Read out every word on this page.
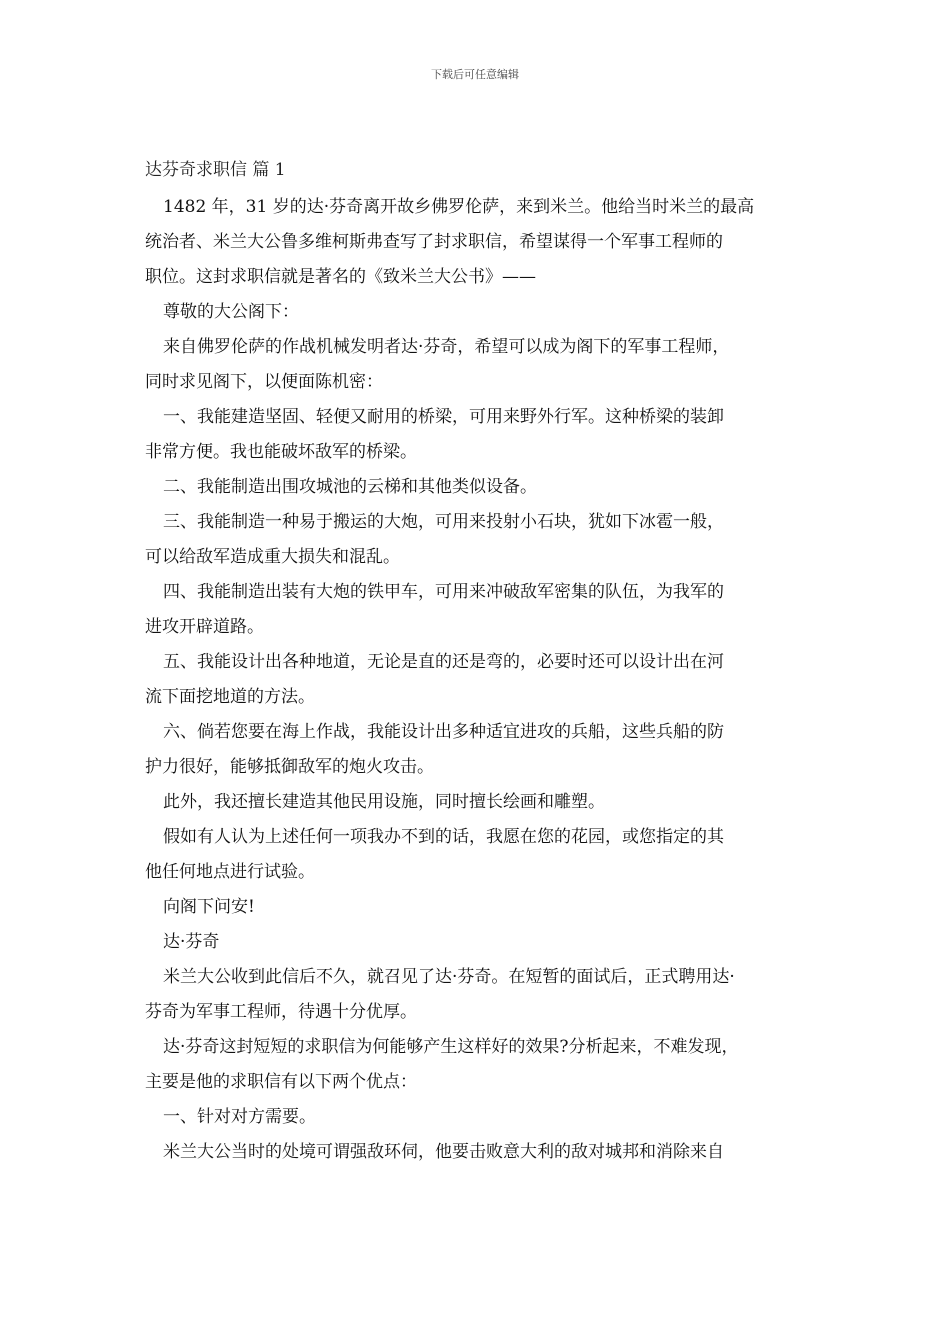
下载后可任意编辑
达芬奇求职信 篇 1

1482 年，31 岁的达·芬奇离开故乡佛罗伦萨，来到米兰。他给当时米兰的最高
统治者、米兰大公鲁多维柯斯弗查写了封求职信，希望谋得一个军事工程师的
职位。这封求职信就是著名的《致米兰大公书》——

尊敬的大公阁下：

来自佛罗伦萨的作战机械发明者达·芬奇，希望可以成为阁下的军事工程师，
同时求见阁下，以便面陈机密：

一、我能建造坚固、轻便又耐用的桥梁，可用来野外行军。这种桥梁的装卸
非常方便。我也能破坏敌军的桥梁。

二、我能制造出围攻城池的云梯和其他类似设备。

三、我能制造一种易于搬运的大炮，可用来投射小石块，犹如下冰雹一般，
可以给敌军造成重大损失和混乱。

四、我能制造出装有大炮的铁甲车，可用来冲破敌军密集的队伍，为我军的
进攻开辟道路。

五、我能设计出各种地道，无论是直的还是弯的，必要时还可以设计出在河
流下面挖地道的方法。

六、倘若您要在海上作战，我能设计出多种适宜进攻的兵船，这些兵船的防
护力很好，能够抵御敌军的炮火攻击。

此外，我还擅长建造其他民用设施，同时擅长绘画和雕塑。

假如有人认为上述任何一项我办不到的话，我愿在您的花园，或您指定的其
他任何地点进行试验。

向阁下问安!

达·芬奇

米兰大公收到此信后不久，就召见了达·芬奇。在短暂的面试后，正式聘用达·
芬奇为军事工程师，待遇十分优厚。

达·芬奇这封短短的求职信为何能够产生这样好的效果?分析起来，不难发现，
主要是他的求职信有以下两个优点：

一、针对对方需要。

米兰大公当时的处境可谓强敌环伺，他要击败意大利的敌对城邦和消除来自
